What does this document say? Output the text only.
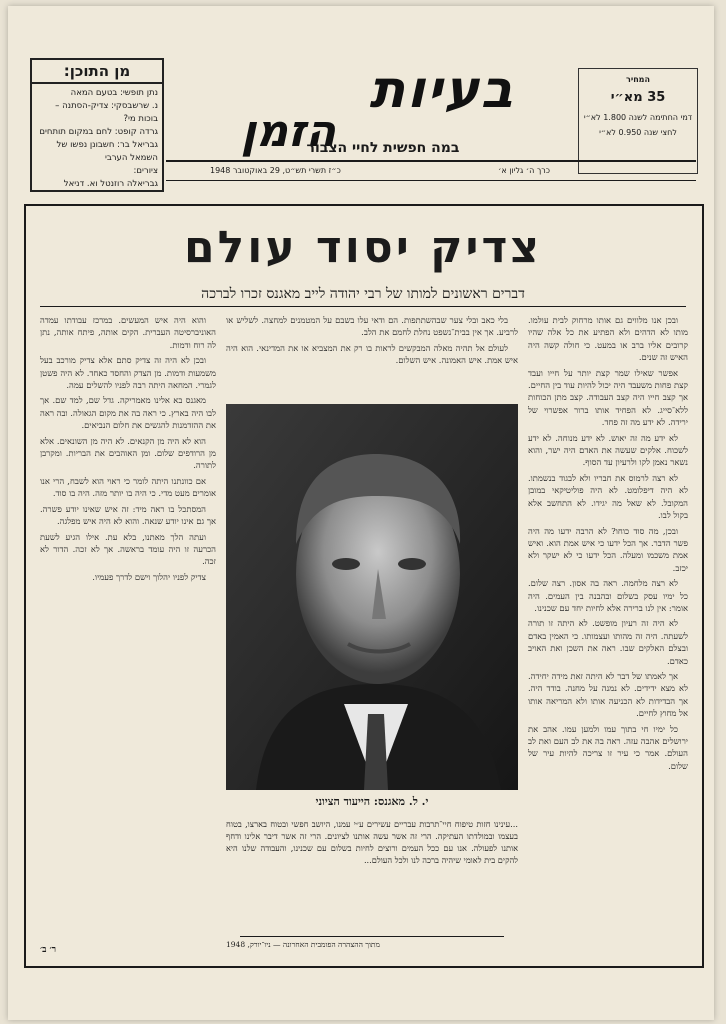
מן התוכן:
נתן תופשי: בטעם המאה
נ. שרשבסקי: צדיק-הסתנה –
בוכות מי?
גרדה קופט: לחם במקום תותחים
גבריאל בר: חשבונן נפשו של
השמאל הערבי
ציורים:
גבריאלה רוזנטל וא. דניאל
בעיות
הזמן
במה חפשית לחיי הצבור
המחיר
35 מא״י
דמי החתימה לשנה 1.800 לא״י
לחצי שנה 0.950 לא״י
כרך ה׳ גליון א׳
כ״ז תשרי תש״ט, 29 באוקטובר 1948
צדיק יסוד עולם
דברים ראשונים למותו של רבי יהודה לייב מאגנס זכרו לברכה

ובכן אנו מלווים גם אותו מרחוק לבית עולמו. מותו לא הדהים ולא הפתיע את כל אלה שהיו קרובים אליו ברב או במעט. כי חולה קשה היה האיש זה שנים.

אפשר שאילו שמר קצת יותר על חייו ועבד קצת פחות משעבד היה יכול להיות עוד בין החיים. אך קצב חייו היה קצב העבודה. קצב מתן הכוחות ללא־סייג. לא הפחיד אותו ברור אפשרוי של ירידה. לא ידע מה זה פחד.

לא ידע מה זה יאוש. לא ידע מנוחה. לא ידע לשכוח. אלקים שעשה את האדם היה ישר, והוא נשאר נאמן לקו ולרעיון עד הסוף.

לא רצה לרמוס את חבריו ולא לבגוד בנשמתו. לא היה דיפלומט. לא היה פוליטיקאי במובן המקובל. לא שאל מה יגידו. לא התחשב אלא בקול לבו.

ובכן, מה סוד כוחו? לא הרבה ידעו מה היה פשר הדבר. אך הכל ידעו כי איש אמת הוא. ואיש אמת משכמו ומעלה. הכל ידעו כי לא ישקר ולא יכזב.

לא רצה מלחמה. ראה בה אסון. רצה שלום. כל ימיו עסק בשלום ובהבנה בין העמים. היה אומר: אין לנו ברירה אלא לחיות יחד עם שכנינו.

לא היה זה רעיון מופשט. לא היתה זו תורה לשעתה. היה זה מהותו ועצמותו. כי האמין באדם ובצלם האלקים שבו. ראה את השכן ואת האויב כאדם.

אך לאמתו של דבר לא היתה זאת מידה יחידה. לא מצא ידידים. לא נמנה על מחנה. בודד היה. אך הבדידות לא הכניעה אותו ולא המריאה אותו אל מחוץ לחיים.

כל ימיו חי בתוך עמו ולמען עמו. אהב את ירושלים אהבה עזה. ראה בה את לב העם ואת לב העולם. אמר כי עיר זו צריכה להיות עיר של שלום.

והוא היה איש המעשים. במרכז עבודתו עמדה האוניברסיטה העברית. הקים אותה, פיתח אותה, נתן לה רוח ודמות.

ובכן לא היה זה צדיק סתם אלא צדיק מורכב בעל משמעות ודמות. מן הצדק והחסד כאחד. לא היה פשטן לגמרי. המחאה היתה רבה לפניו להשלים עמה.

מאגנס בא אלינו מאמריקה. גדל שם, למד שם. אך לבו היה בארץ. כי ראה בה את מקום הגאולה. ובה ראה את ההזדמנות להגשים את חלום הנביאים.

הוא לא היה מן הקנאים. לא היה מן השונאים. אלא מן הרודפים שלום. ומן האוהבים את הבריות. ומקרבן לתורה.

אם כוונתנו היתה לומר כי ראוי הוא לשבח, הרי אנו אומרים מעט מדי. כי היה בו יותר מזה. היה בו סוד.

המסתכל בו ראה מיד: זה איש שאינו יודע פשרה. אך גם אינו יודע שנאה. והוא לא היה איש מפלגה.

ועתה הלך מאתנו, בלא עת. אילו הגיע לשעת הכרעה זו היה עומד בראשה. אך לא זכה. הדור לא זכה.

צדיק לפניו יהלוך וישם לדרך פעמיו.

בלי כאב ובלי צער שבהשתתפות. הם ודאי עלו בשבם על המטמנים למחצה. לשליש או לרביע. אך אין בבית־נשפט נחלת לחמם את הלב.

לעולם אל תהיה מאלה המבקשים לראות בו רק את המצביא או את המדינאי. הוא היה איש אמת. איש האמונה. איש השלום.

י. ל. מאגנס: הייעוד הציוני
...עינינו חזות טיפוח חיי־תרבות עבריים עשירים ע״י עמנו, היושב חפשי ובטוח בארצו, בטוח בעצמו ובמולדתו העתיקה. הרי זה אשר עשה אותנו לציונים. הרי זה אשר דיבר אלינו ודחף אותנו לפעולה. אנו עם ככל העמים ורוצים לחיות בשלום עם שכנינו, והעבודה שלנו היא להקים בית לאומי שיהיה ברכה לנו ולכל העולם...
מתוך ההצהרה הפומבית האחרונה — ניו־יורק, 1948
ר׳ ב׳
